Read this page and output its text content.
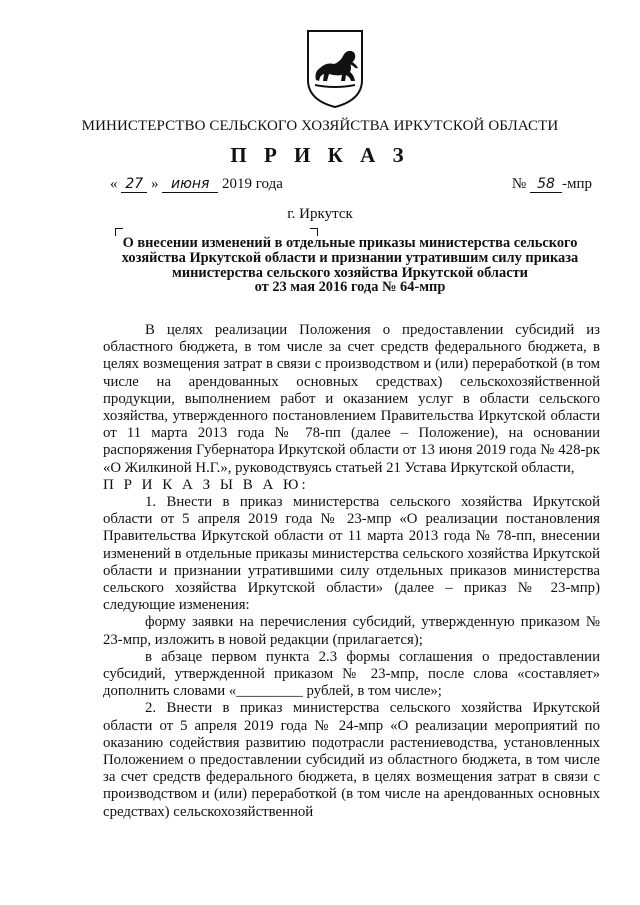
МИНИСТЕРСТВО СЕЛЬСКОГО ХОЗЯЙСТВА ИРКУТСКОЙ ОБЛАСТИ
П Р И К А З
« 27 » июня 2019 года	№ 58 -мпр
г. Иркутск
О внесении изменений в отдельные приказы министерства сельского
хозяйства Иркутской области и признании утратившим силу приказа
министерства сельского хозяйства Иркутской области
от 23 мая 2016 года № 64-мпр

В целях реализации Положения о предоставлении субсидий из областного бюджета, в том числе за счет средств федерального бюджета, в целях возмещения затрат в связи с производством и (или) переработкой (в том числе на арендованных основных средствах) сельскохозяйственной продукции, выполнением работ и оказанием услуг в области сельского хозяйства, утвержденного постановлением Правительства Иркутской области от 11 марта 2013 года № 78-пп (далее – Положение), на основании распоряжения Губернатора Иркутской области от 13 июня 2019 года № 428-рк «О Жилкиной Н.Г.», руководствуясь статьей 21 Устава Иркутской области,

П Р И К А З Ы В А Ю:

1. Внести в приказ министерства сельского хозяйства Иркутской области от 5 апреля 2019 года № 23-мпр «О реализации постановления Правительства Иркутской области от 11 марта 2013 года № 78-пп, внесении изменений в отдельные приказы министерства сельского хозяйства Иркутской области и признании утратившими силу отдельных приказов министерства сельского хозяйства Иркутской области» (далее – приказ № 23-мпр) следующие изменения:

форму заявки на перечисления субсидий, утвержденную приказом № 23-мпр, изложить в новой редакции (прилагается);

в абзаце первом пункта 2.3 формы соглашения о предоставлении субсидий, утвержденной приказом № 23-мпр, после слова «составляет» дополнить словами «_________ рублей, в том числе»;

2. Внести в приказ министерства сельского хозяйства Иркутской области от 5 апреля 2019 года № 24-мпр «О реализации мероприятий по оказанию содействия развитию подотрасли растениеводства, установленных Положением о предоставлении субсидий из областного бюджета, в том числе за счет средств федерального бюджета, в целях возмещения затрат в связи с производством и (или) переработкой (в том числе на арендованных основных средствах) сельскохозяйственной
